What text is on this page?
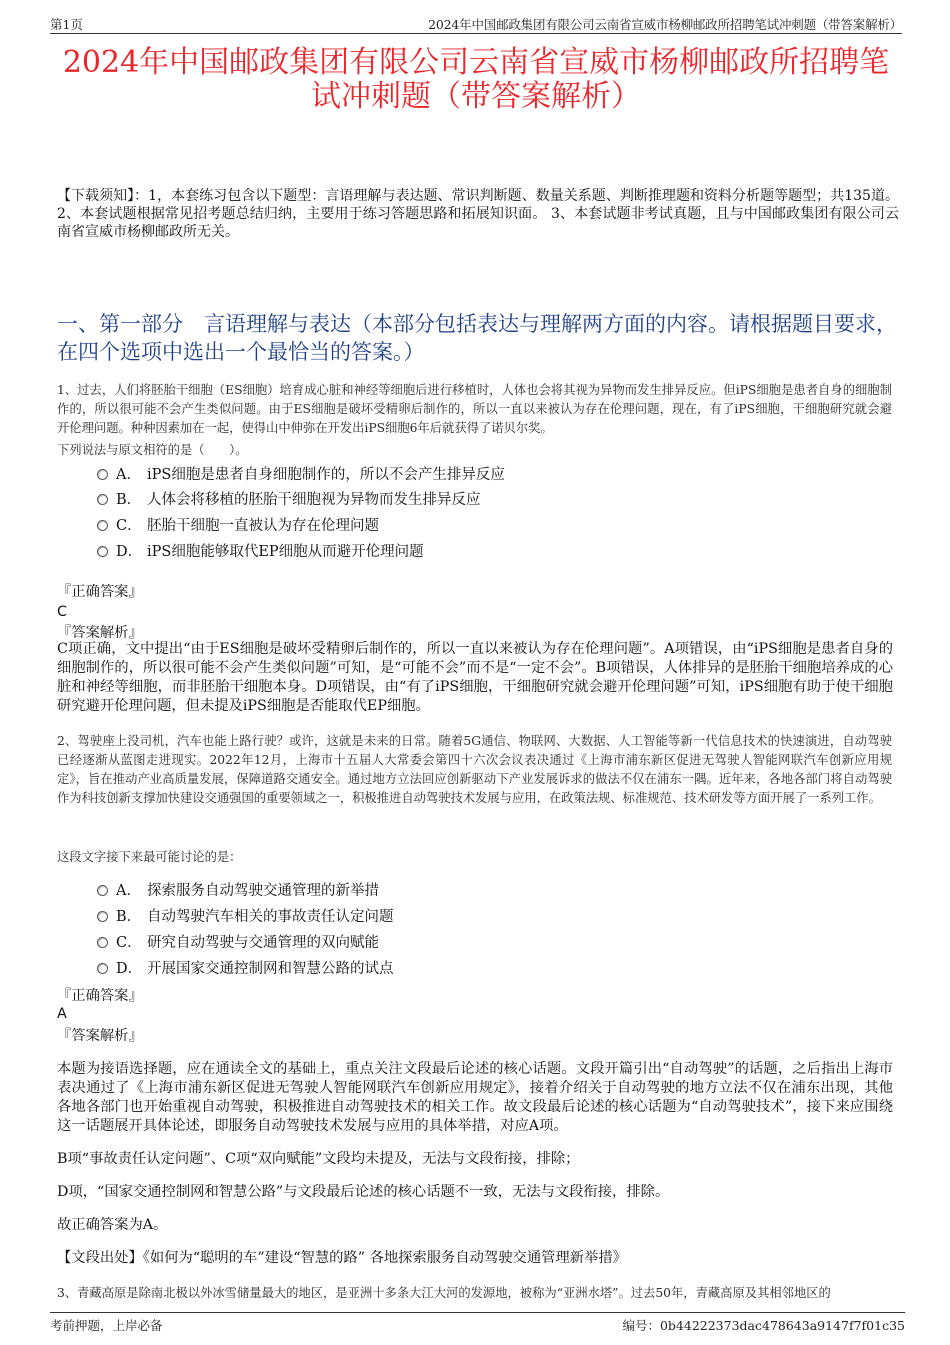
第1页	2024年中国邮政集团有限公司云南省宣威市杨柳邮政所招聘笔试冲刺题（带答案解析）
2024年中国邮政集团有限公司云南省宣威市杨柳邮政所招聘笔
试冲刺题（带答案解析）
【下载须知】：1，本套练习包含以下题型：言语理解与表达题、常识判断题、数量关系题、判断推理题和资料分析题等题型；共135道。 2、本套试题根据常见招考题总结归纳，主要用于练习答题思路和拓展知识面。 3、本套试题非考试真题，且与中国邮政集团有限公司云南省宣威市杨柳邮政所无关。
一、第一部分　言语理解与表达（本部分包括表达与理解两方面的内容。请根据题目要求，在四个选项中选出一个最恰当的答案。）
1、过去，人们将胚胎干细胞（ES细胞）培育成心脏和神经等细胞后进行移植时，人体也会将其视为异物而发生排异反应。但iPS细胞是患者自身的细胞制作的，所以很可能不会产生类似问题。由于ES细胞是破坏受精卵后制作的，所以一直以来被认为存在伦理问题，现在，有了iPS细胞，干细胞研究就会避开伦理问题。种种因素加在一起，使得山中伸弥在开发出iPS细胞6年后就获得了诺贝尔奖。
下列说法与原文相符的是（　　）。
A． iPS细胞是患者自身细胞制作的，所以不会产生排异反应
B． 人体会将移植的胚胎干细胞视为异物而发生排异反应
C． 胚胎干细胞一直被认为存在伦理问题
D． iPS细胞能够取代EP细胞从而避开伦理问题
『正确答案』
C
『答案解析』
C项正确，文中提出“由于ES细胞是破坏受精卵后制作的，所以一直以来被认为存在伦理问题”。A项错误，由“iPS细胞是患者自身的细胞制作的，所以很可能不会产生类似问题”可知，是“可能不会”而不是“一定不会”。B项错误，人体排异的是胚胎干细胞培养成的心脏和神经等细胞，而非胚胎干细胞本身。D项错误，由“有了iPS细胞，干细胞研究就会避开伦理问题”可知，iPS细胞有助于使干细胞研究避开伦理问题，但未提及iPS细胞是否能取代EP细胞。
2、驾驶座上没司机，汽车也能上路行驶？或许，这就是未来的日常。随着5G通信、物联网、大数据、人工智能等新一代信息技术的快速演进，自动驾驶已经逐渐从蓝图走进现实。2022年12月，上海市十五届人大常委会第四十六次会议表决通过《上海市浦东新区促进无驾驶人智能网联汽车创新应用规定》，旨在推动产业高质量发展，保障道路交通安全。通过地方立法回应创新驱动下产业发展诉求的做法不仅在浦东一隅。近年来，各地各部门将自动驾驶作为科技创新支撑加快建设交通强国的重要领域之一，积极推进自动驾驶技术发展与应用，在政策法规、标准规范、技术研发等方面开展了一系列工作。
这段文字接下来最可能讨论的是：
A． 探索服务自动驾驶交通管理的新举措
B． 自动驾驶汽车相关的事故责任认定问题
C． 研究自动驾驶与交通管理的双向赋能
D． 开展国家交通控制网和智慧公路的试点
『正确答案』
A
『答案解析』
本题为接语选择题，应在通读全文的基础上，重点关注文段最后论述的核心话题。文段开篇引出“自动驾驶”的话题，之后指出上海市表决通过了《上海市浦东新区促进无驾驶人智能网联汽车创新应用规定》，接着介绍关于自动驾驶的地方立法不仅在浦东出现，其他各地各部门也开始重视自动驾驶，积极推进自动驾驶技术的相关工作。故文段最后论述的核心话题为“自动驾驶技术”，接下来应围绕这一话题展开具体论述，即服务自动驾驶技术发展与应用的具体举措，对应A项。
B项“事故责任认定问题”、C项“双向赋能”文段均未提及，无法与文段衔接，排除；
D项，“国家交通控制网和智慧公路”与文段最后论述的核心话题不一致，无法与文段衔接，排除。
故正确答案为A。
【文段出处】《如何为“聪明的车”建设“智慧的路” 各地探索服务自动驾驶交通管理新举措》
3、青藏高原是除南北极以外冰雪储量最大的地区，是亚洲十多条大江大河的发源地，被称为“亚洲水塔”。过去50年，青藏高原及其相邻地区的
考前押题，上岸必备	编号：0b44222373dac478643a9147f7f01c35
